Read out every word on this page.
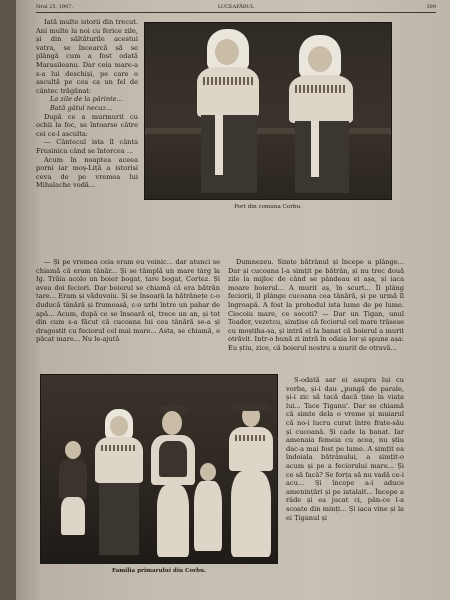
Nrul 25, 1907.	LUCEAFĂRUL	399

Iată multe istorii din trecut. Ani multe la noi cu ferice zile, și din săltăturile acestui vatra, se încearcă să se plângă cum a fost odată Marasileanu. Dar ceia mare-a s-a lui deschiși, pe care o ascultă pe cea ca un fel de cântec trăgănat:

La zile de la părinte...

Bată gâtul necaz...

După ce a murmurit cu ochii la foc, se întoarse către cei ce-l asculta:

— Cântecul ista îl cânta Frusinica când se întorcea ...

Acum în noaptea aceea porni iar moș-Liță a istorisi ceva de pe vremea lui Mihalache vodă...

Port din comuna Corbu.

— Și pe vremea ceia eram eu voinic... dar atunci se chiamă că eram tânăr... Și se tâmplă un mare târg la Ig. Trăia acolo un boier bogat, tare bogat, Cortez. Și avea doi feciori. Dar boierul se chiamă că era bătrân tare... Eram și văduvoiu. Și se însoară la bătrânețe c-o duducă tânără și frumoasă, c-o urbi între un pahar de apă... Acum, după ce se însoară el, trece un an, și tot din cum s-a făcut că cucoana lui cea tânără se-a și dragostit cu feciorul cel mai mare... Asta, se chiamă, e păcat mare... Nu le-ajută

Dumnezeu. Simte bătrânul și începe a plânge... Dar și cucoana l-a simțit pe bătrân, și nu trec două zile la mijloc de când se pândeau ei așa, și iaca moare boierul... A murit aș, în scurt... Îl plâng feciorii, îl plânge cucoana cea tânără, și pe urmă îl îngroapă. A fost la prohodul ista lume de pe lume. Ciocoiu mare, ce socoti? — Dar un Țigan, unul Toader, vezetcu, simțise că feciorul cel mare trăsese cu moștiha-sa, și intră el la banat că boierul a murit otrăvit. Intr-o bună zi intră în odaia lor și spune așa: Eu știu, zice, că boierul nostru a murit de otravă...

Familia primarului din Corbu.

S-odată sar ei asupra lui cu vorba, și-i dau „pungă de parale, și-i zic să tacă dacă ține la viața lui... Tace Țiganu'. Dar se chiamă că simte dela o vreme și muiarul că no-i lucru curat între frate-său și cucoană. Și cade la banat. Iar amenaia femeia cu acea, nu știu dac-a mai fost pe lume. A simțit ea îndoiala bătrânului, a simțit-o acum și pe a feciorului mare... Și ce să facă? Se forța să nu vadă ce-i acu... Și începe a-i aduce amenințări și pe iatalalt... Începe a râde și ea jucat ci, pân-ce l-a scoate din minți... Și iaca vine și la ei Țiganul și
